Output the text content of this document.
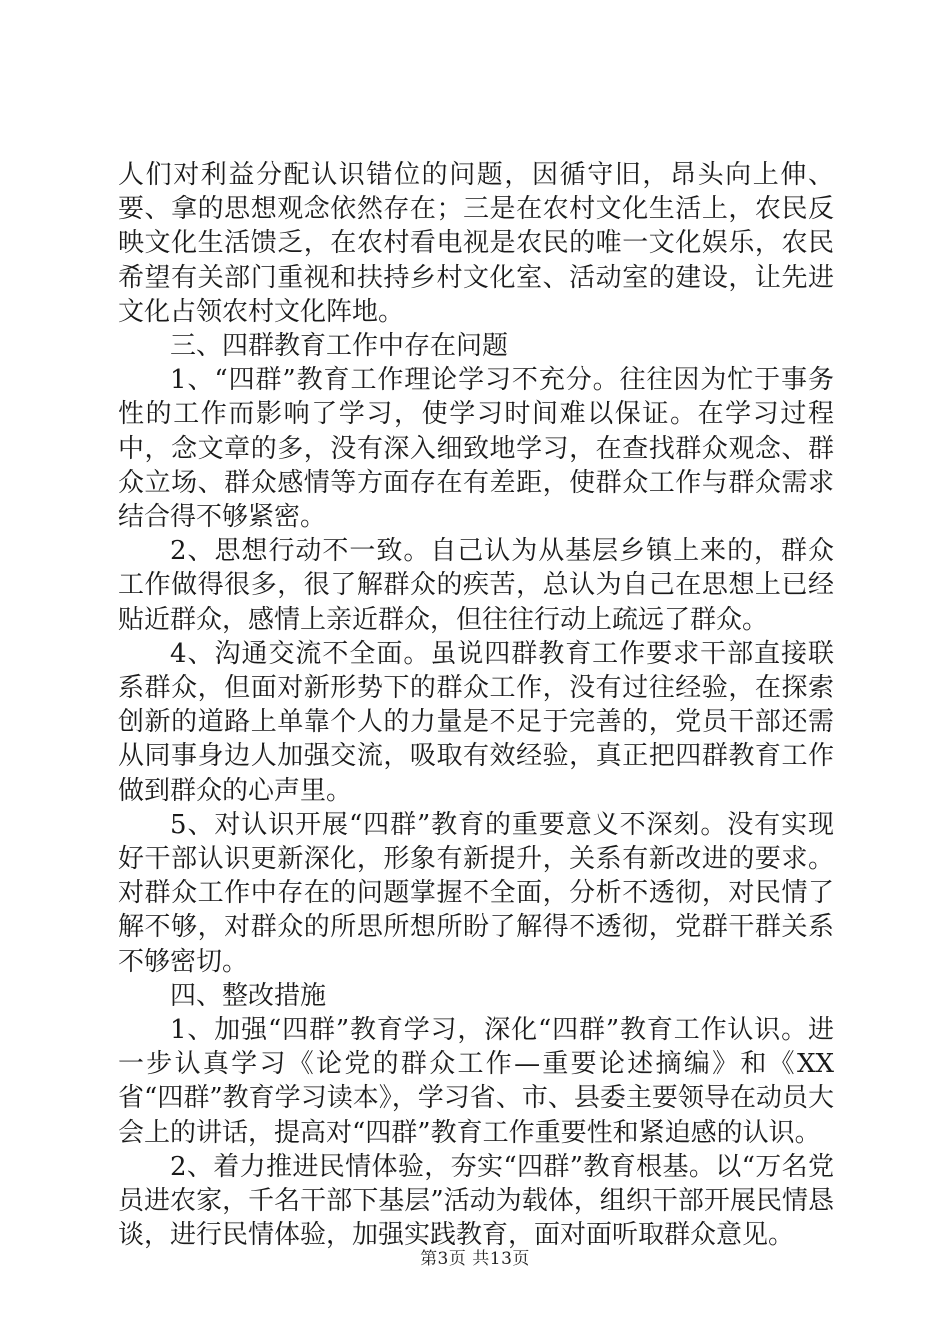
人们对利益分配认识错位的问题，因循守旧，昂头向上伸、要、拿的思想观念依然存在；三是在农村文化生活上，农民反映文化生活馈乏，在农村看电视是农民的唯一文化娱乐，农民希望有关部门重视和扶持乡村文化室、活动室的建设，让先进文化占领农村文化阵地。

三、四群教育工作中存在问题

1、“四群”教育工作理论学习不充分。往往因为忙于事务性的工作而影响了学习，使学习时间难以保证。在学习过程中，念文章的多，没有深入细致地学习，在查找群众观念、群众立场、群众感情等方面存在有差距，使群众工作与群众需求结合得不够紧密。

2、思想行动不一致。自己认为从基层乡镇上来的，群众工作做得很多，很了解群众的疾苦，总认为自己在思想上已经贴近群众，感情上亲近群众，但往往行动上疏远了群众。

4、沟通交流不全面。虽说四群教育工作要求干部直接联系群众，但面对新形势下的群众工作，没有过往经验，在探索创新的道路上单靠个人的力量是不足于完善的，党员干部还需从同事身边人加强交流，吸取有效经验，真正把四群教育工作做到群众的心声里。

5、对认识开展“四群”教育的重要意义不深刻。没有实现好干部认识更新深化，形象有新提升，关系有新改进的要求。对群众工作中存在的问题掌握不全面，分析不透彻，对民情了解不够，对群众的所思所想所盼了解得不透彻，党群干群关系不够密切。

四、整改措施

1、加强“四群”教育学习，深化“四群”教育工作认识。进一步认真学习《论党的群众工作—重要论述摘编》和《XX省“四群”教育学习读本》，学习省、市、县委主要领导在动员大会上的讲话，提高对“四群”教育工作重要性和紧迫感的认识。

2、着力推进民情体验，夯实“四群”教育根基。以“万名党员进农家，千名干部下基层”活动为载体，组织干部开展民情恳谈，进行民情体验，加强实践教育，面对面听取群众意见。

第3页 共13页
